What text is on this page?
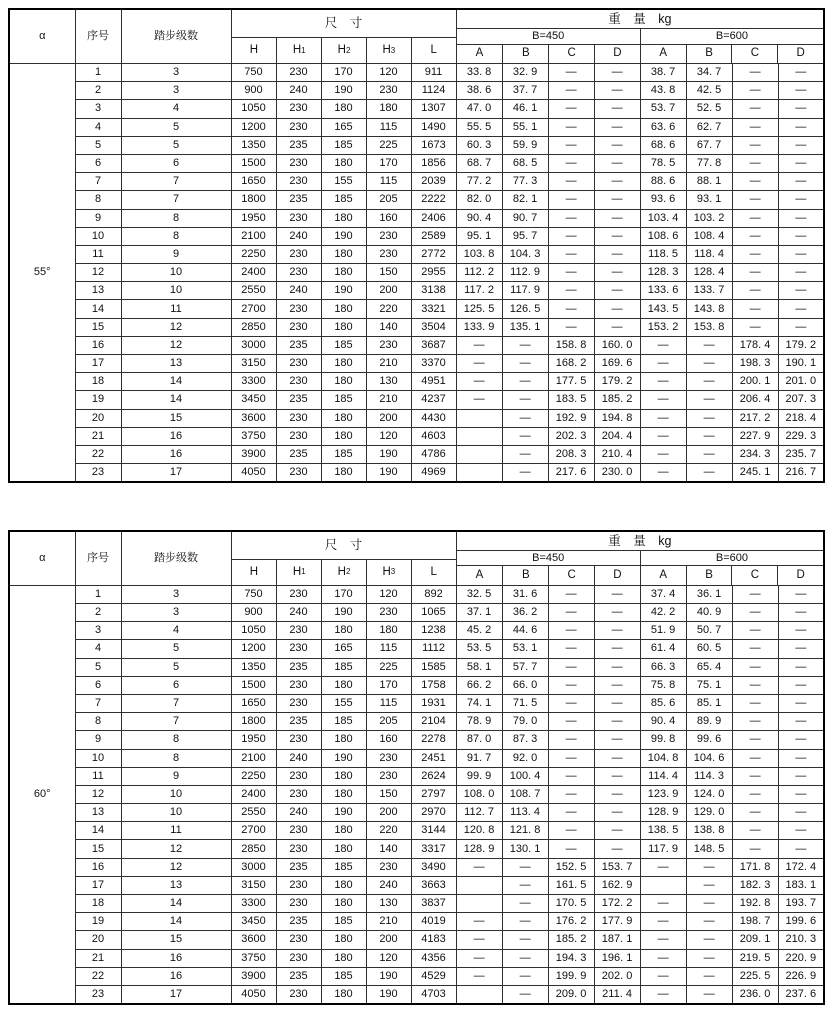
α	序号	踏步级数	
尺　寸
H	H 1	H 2	H 3	L

重　量　kg
B=450	B=600
A	B	C	D	A	B	C	D

55°	1	3	750	230	170	120	911	33. 8	32. 9	—	—	38. 7	34. 7	—	—
	2	3	900	240	190	230	1124	38. 6	37. 7	—	—	43. 8	42. 5	—	—
	3	4	1050	230	180	180	1307	47. 0	46. 1	—	—	53. 7	52. 5	—	—
	4	5	1200	230	165	115	1490	55. 5	55. 1	—	—	63. 6	62. 7	—	—
	5	5	1350	235	185	225	1673	60. 3	59. 9	—	—	68. 6	67. 7	—	—
	6	6	1500	230	180	170	1856	68. 7	68. 5	—	—	78. 5	77. 8	—	—
	7	7	1650	230	155	115	2039	77. 2	77. 3	—	—	88. 6	88. 1	—	—
	8	7	1800	235	185	205	2222	82. 0	82. 1	—	—	93. 6	93. 1	—	—
	9	8	1950	230	180	160	2406	90. 4	90. 7	—	—	103. 4	103. 2	—	—
	10	8	2100	240	190	230	2589	95. 1	95. 7	—	—	108. 6	108. 4	—	—
	11	9	2250	230	180	230	2772	103. 8	104. 3	—	—	118. 5	118. 4	—	—
	12	10	2400	230	180	150	2955	112. 2	112. 9	—	—	128. 3	128. 4	—	—
	13	10	2550	240	190	200	3138	117. 2	117. 9	—	—	133. 6	133. 7	—	—
	14	11	2700	230	180	220	3321	125. 5	126. 5	—	—	143. 5	143. 8	—	—
	15	12	2850	230	180	140	3504	133. 9	135. 1	—	—	153. 2	153. 8	—	—
	16	12	3000	235	185	230	3687	—	—	158. 8	160. 0	—	—	178. 4	179. 2
	17	13	3150	230	180	210	3370	—	—	168. 2	169. 6	—	—	198. 3	190. 1
	18	14	3300	230	180	130	4951	—	—	177. 5	179. 2	—	—	200. 1	201. 0
	19	14	3450	235	185	210	4237	—	—	183. 5	185. 2	—	—	206. 4	207. 3
	20	15	3600	230	180	200	4430		—	192. 9	194. 8	—	—	217. 2	218. 4
	21	16	3750	230	180	120	4603		—	202. 3	204. 4	—	—	227. 9	229. 3
	22	16	3900	235	185	190	4786		—	208. 3	210. 4	—	—	234. 3	235. 7
	23	17	4050	230	180	190	4969		—	217. 6	230. 0	—	—	245. 1	216. 7
α	序号	踏步级数	
尺　寸
H	H 1	H 2	H 3	L

重　量　kg
B=450	B=600
A	B	C	D	A	B	C	D

60°	1	3	750	230	170	120	892	32. 5	31. 6	—	—	37. 4	36. 1	—	—
	2	3	900	240	190	230	1065	37. 1	36. 2	—	—	42. 2	40. 9	—	—
	3	4	1050	230	180	180	1238	45. 2	44. 6	—	—	51. 9	50. 7	—	—
	4	5	1200	230	165	115	1112	53. 5	53. 1	—	—	61. 4	60. 5	—	—
	5	5	1350	235	185	225	1585	58. 1	57. 7	—	—	66. 3	65. 4	—	—
	6	6	1500	230	180	170	1758	66. 2	66. 0	—	—	75. 8	75. 1	—	—
	7	7	1650	230	155	115	1931	74. 1	71. 5	—	—	85. 6	85. 1	—	—
	8	7	1800	235	185	205	2104	78. 9	79. 0	—	—	90. 4	89. 9	—	—
	9	8	1950	230	180	160	2278	87. 0	87. 3	—	—	99. 8	99. 6	—	—
	10	8	2100	240	190	230	2451	91. 7	92. 0	—	—	104. 8	104. 6	—	—
	11	9	2250	230	180	230	2624	99. 9	100. 4	—	—	114. 4	114. 3	—	—
	12	10	2400	230	180	150	2797	108. 0	108. 7	—	—	123. 9	124. 0	—	—
	13	10	2550	240	190	200	2970	112. 7	113. 4	—	—	128. 9	129. 0	—	—
	14	11	2700	230	180	220	3144	120. 8	121. 8	—	—	138. 5	138. 8	—	—
	15	12	2850	230	180	140	3317	128. 9	130. 1	—	—	117. 9	148. 5	—	—
	16	12	3000	235	185	230	3490	—	—	152. 5	153. 7	—	—	171. 8	172. 4
	17	13	3150	230	180	240	3663		—	161. 5	162. 9		—	182. 3	183. 1
	18	14	3300	230	180	130	3837		—	170. 5	172. 2	—	—	192. 8	193. 7
	19	14	3450	235	185	210	4019	—	—	176. 2	177. 9	—	—	198. 7	199. 6
	20	15	3600	230	180	200	4183	—	—	185. 2	187. 1	—	—	209. 1	210. 3
	21	16	3750	230	180	120	4356	—	—	194. 3	196. 1	—	—	219. 5	220. 9
	22	16	3900	235	185	190	4529	—	—	199. 9	202. 0	—	—	225. 5	226. 9
	23	17	4050	230	180	190	4703		—	209. 0	211. 4	—	—	236. 0	237. 6
